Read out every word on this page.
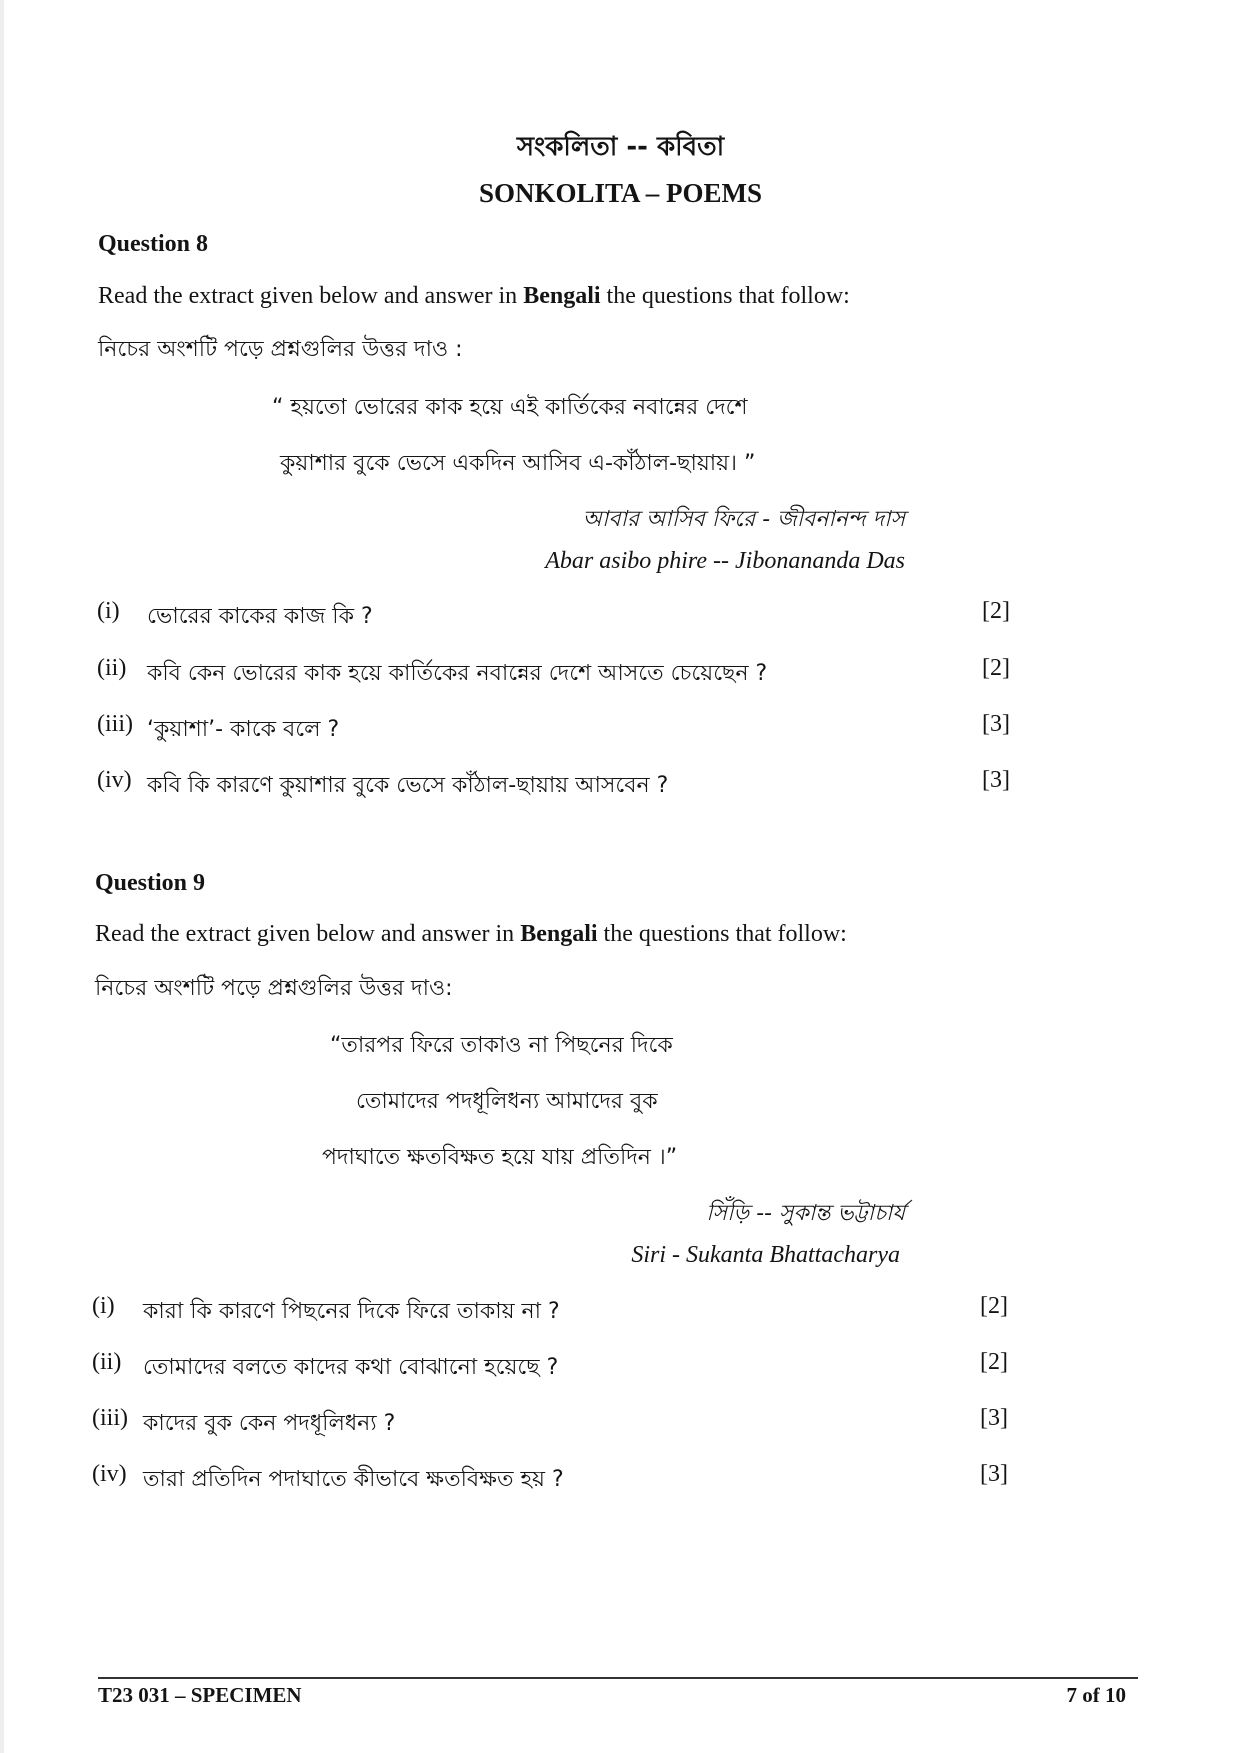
সংকলিতা -- কবিতা
SONKOLITA – POEMS
Question 8
Read the extract given below and answer in Bengali the questions that follow:
নিচের অংশটি পড়ে প্রশ্নগুলির উত্তর দাও :
“ হয়তো ভোরের কাক হয়ে এই কার্তিকের নবান্নের দেশে
কুয়াশার বুকে ভেসে একদিন আসিব এ-কাঁঠাল-ছায়ায়। ”
আবার আসিব ফিরে - জীবনানন্দ দাস
Abar asibo phire -- Jibonananda Das
(i) ভোরের কাকের কাজ কি ?	[2]
(ii) কবি কেন ভোরের কাক হয়ে কার্তিকের নবান্নের দেশে আসতে চেয়েছেন ?	[2]
(iii) ‘কুয়াশা’- কাকে বলে ?	[3]
(iv) কবি কি কারণে কুয়াশার বুকে ভেসে কাঁঠাল-ছায়ায় আসবেন ?	[3]
Question 9
Read the extract given below and answer in Bengali the questions that follow:
নিচের অংশটি পড়ে প্রশ্নগুলির উত্তর দাও:
“তারপর ফিরে তাকাও না পিছনের দিকে
তোমাদের পদধূলিধন্য আমাদের বুক
পদাঘাতে ক্ষতবিক্ষত হয়ে যায় প্রতিদিন ।”
সিঁড়ি -- সুকান্ত ভট্টাচার্য
Siri - Sukanta Bhattacharya
(i) কারা কি কারণে পিছনের দিকে ফিরে তাকায় না ?	[2]
(ii) তোমাদের বলতে কাদের কথা বোঝানো হয়েছে ?	[2]
(iii) কাদের বুক কেন পদধূলিধন্য ?	[3]
(iv) তারা প্রতিদিন পদাঘাতে কীভাবে ক্ষতবিক্ষত হয় ?	[3]
T23 031 – SPECIMEN	7 of 10
